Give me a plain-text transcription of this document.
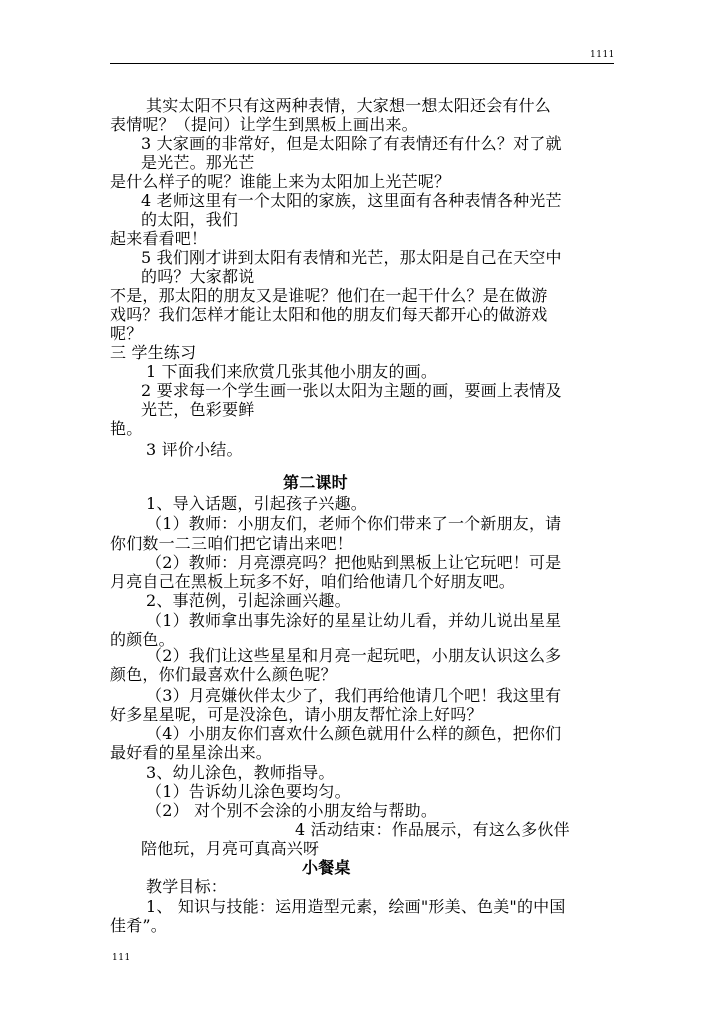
1111
其实太阳不只有这两种表情，大家想一想太阳还会有什么
表情呢？（提问）让学生到黑板上画出来。
3 大家画的非常好，但是太阳除了有表情还有什么？对了就
是光芒。那光芒
是什么样子的呢？谁能上来为太阳加上光芒呢？
4 老师这里有一个太阳的家族，这里面有各种表情各种光芒
的太阳，我们
起来看看吧！
5 我们刚才讲到太阳有表情和光芒，那太阳是自己在天空中
的吗？大家都说
不是，那太阳的朋友又是谁呢？他们在一起干什么？是在做游
戏吗？我们怎样才能让太阳和他的朋友们每天都开心的做游戏
呢？
三 学生练习
1 下面我们来欣赏几张其他小朋友的画。
2 要求每一个学生画一张以太阳为主题的画，要画上表情及
光芒，色彩要鲜
艳。
3 评价小结。
第二课时
1、导入话题，引起孩子兴趣。
（1）教师：小朋友们，老师个你们带来了一个新朋友，请
你们数一二三咱们把它请出来吧！
（2）教师：月亮漂亮吗？把他贴到黑板上让它玩吧！可是
月亮自己在黑板上玩多不好，咱们给他请几个好朋友吧。
2、事范例，引起涂画兴趣。
（1）教师拿出事先涂好的星星让幼儿看，并幼儿说出星星
的颜色。
（2）我们让这些星星和月亮一起玩吧，小朋友认识这么多
颜色，你们最喜欢什么颜色呢？
（3）月亮嫌伙伴太少了，我们再给他请几个吧！我这里有
好多星星呢，可是没涂色，请小朋友帮忙涂上好吗？
（4）小朋友你们喜欢什么颜色就用什么样的颜色，把你们
最好看的星星涂出来。
3、幼儿涂色，教师指导。
（1）告诉幼儿涂色要均匀。
（2） 对个别不会涂的小朋友给与帮助。
4 活动结束：作品展示，有这么多伙伴
陪他玩，月亮可真高兴呀
小餐桌
教学目标：
1、 知识与技能：运用造型元素，绘画"形美、色美"的中国
佳肴”。
111
